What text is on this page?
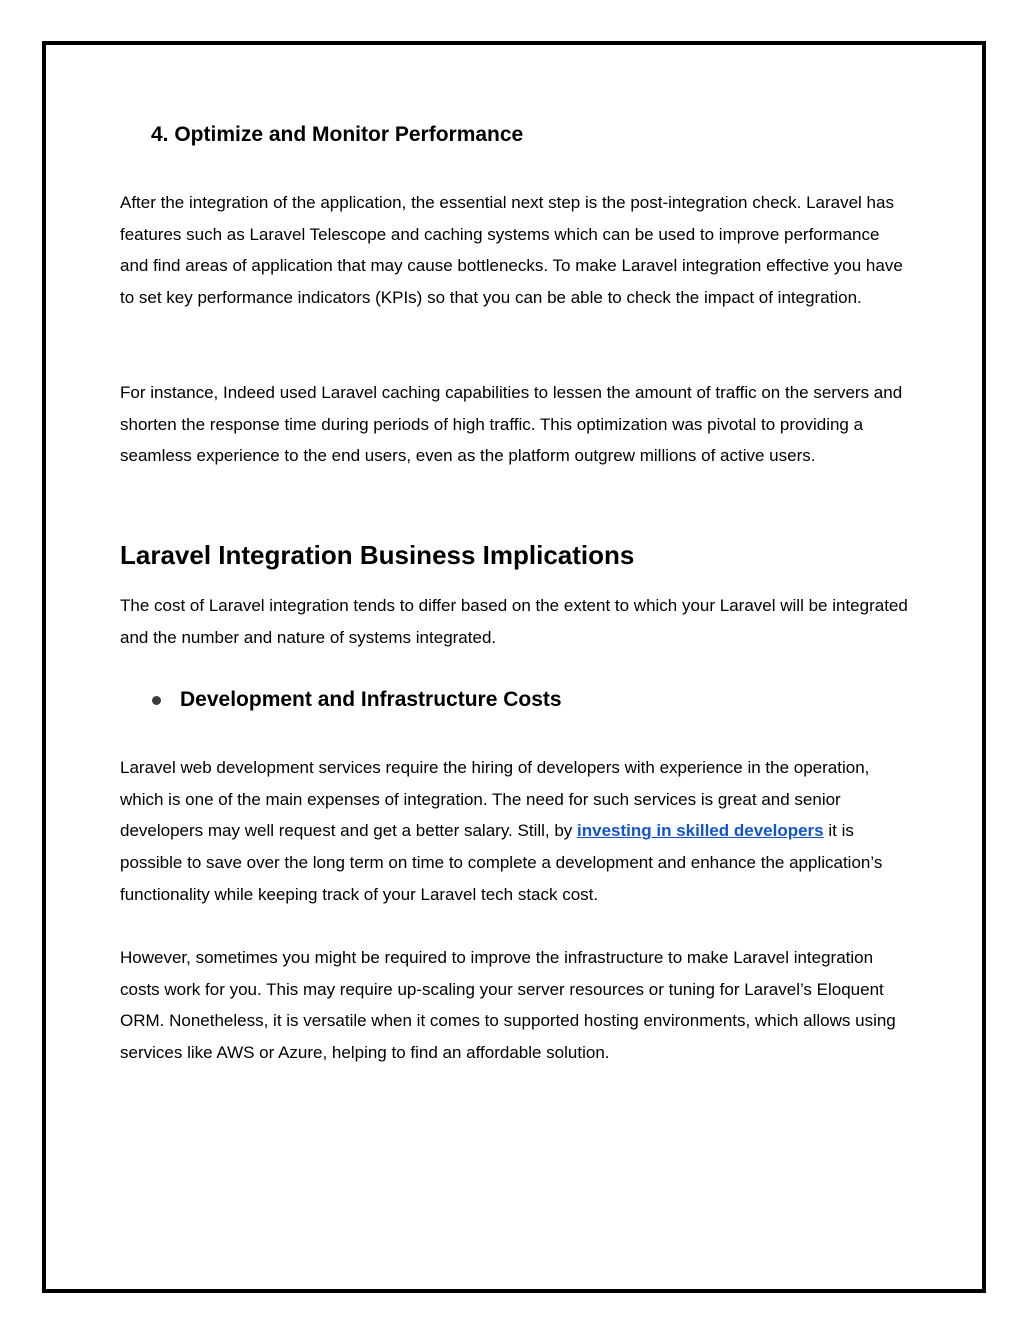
4. Optimize and Monitor Performance

After the integration of the application, the essential next step is the post-integration check. Laravel has features such as Laravel Telescope and caching systems which can be used to improve performance and find areas of application that may cause bottlenecks. To make Laravel integration effective you have to set key performance indicators (KPIs) so that you can be able to check the impact of integration.

For instance, Indeed used Laravel caching capabilities to lessen the amount of traffic on the servers and shorten the response time during periods of high traffic. This optimization was pivotal to providing a seamless experience to the end users, even as the platform outgrew millions of active users.

Laravel Integration Business Implications

The cost of Laravel integration tends to differ based on the extent to which your Laravel will be integrated and the number and nature of systems integrated.

Development and Infrastructure Costs

Laravel web development services require the hiring of developers with experience in the operation, which is one of the main expenses of integration. The need for such services is great and senior developers may well request and get a better salary. Still, by investing in skilled developers it is possible to save over the long term on time to complete a development and enhance the application’s functionality while keeping track of your Laravel tech stack cost.

However, sometimes you might be required to improve the infrastructure to make Laravel integration costs work for you. This may require up-scaling your server resources or tuning for Laravel’s Eloquent ORM. Nonetheless, it is versatile when it comes to supported hosting environments, which allows using services like AWS or Azure, helping to find an affordable solution.
